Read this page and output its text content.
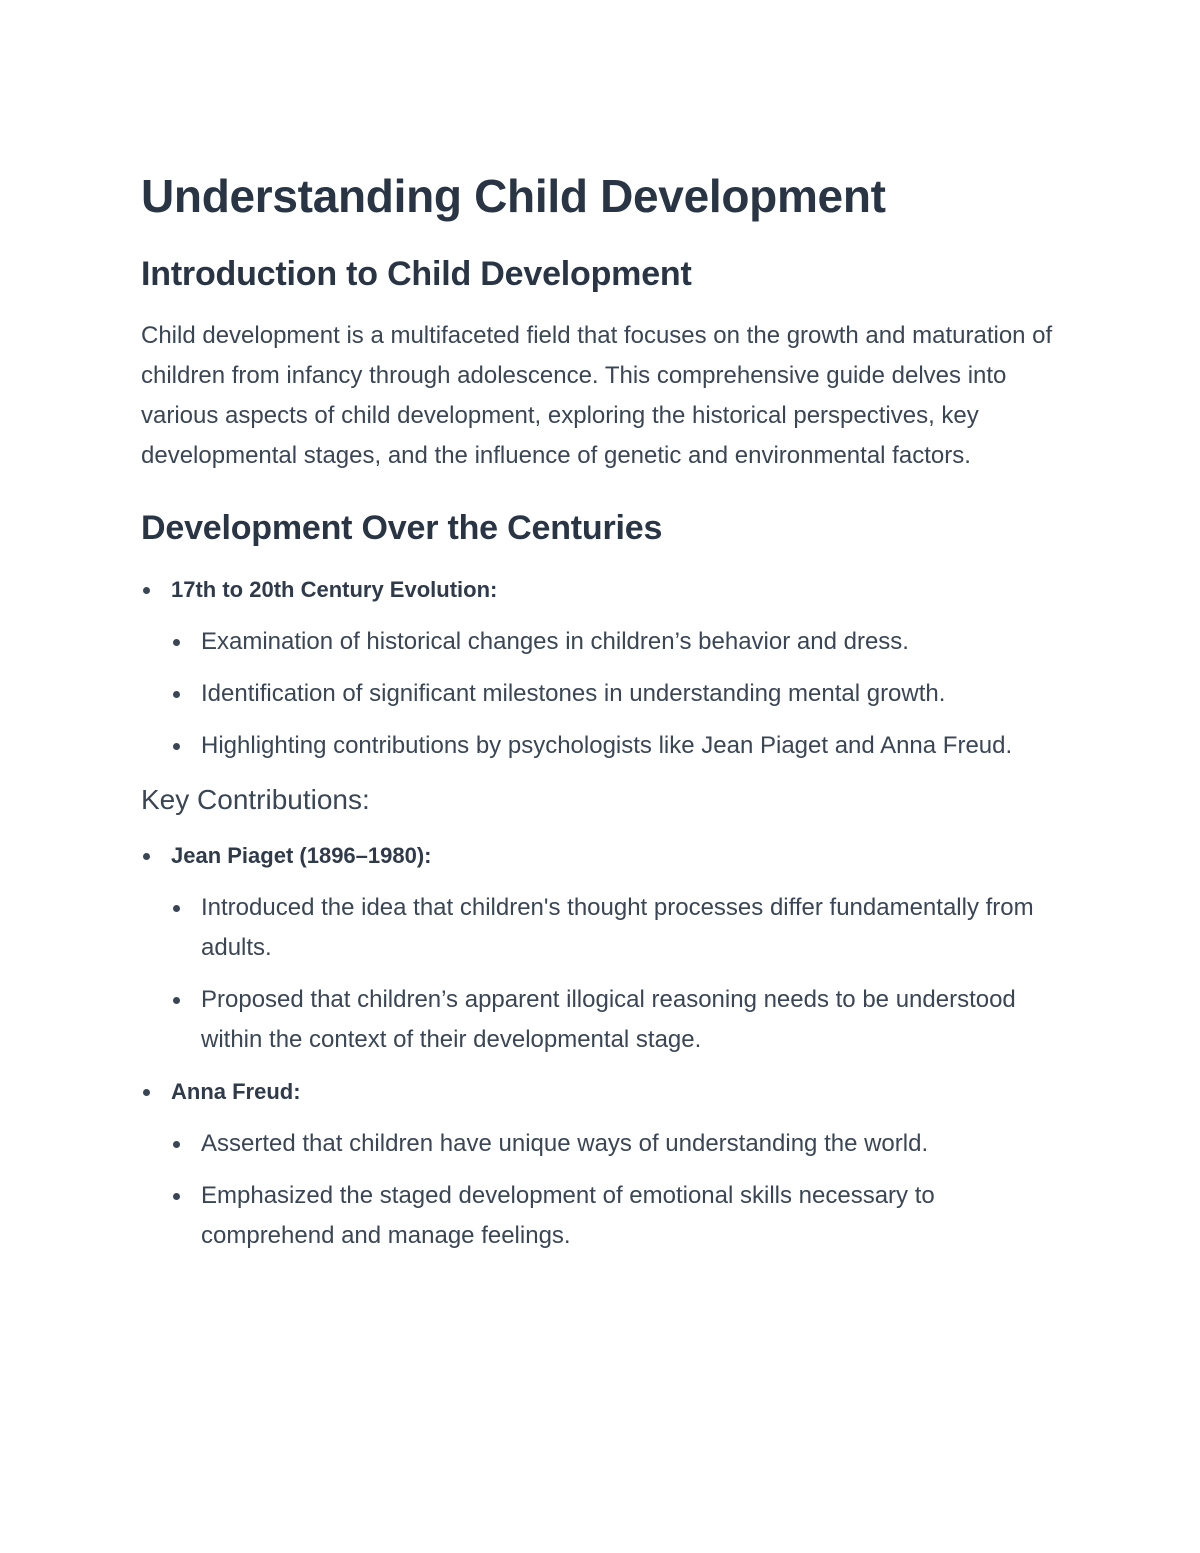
Understanding Child Development
Introduction to Child Development

Child development is a multifaceted field that focuses on the growth and maturation of children from infancy through adolescence. This comprehensive guide delves into various aspects of child development, exploring the historical perspectives, key developmental stages, and the influence of genetic and environmental factors.

Development Over the Centuries
17th to 20th Century Evolution:
Examination of historical changes in children’s behavior and dress.
Identification of significant milestones in understanding mental growth.
Highlighting contributions by psychologists like Jean Piaget and Anna Freud.
Key Contributions:
Jean Piaget (1896–1980):
Introduced the idea that children's thought processes differ fundamentally from adults.
Proposed that children’s apparent illogical reasoning needs to be understood within the context of their developmental stage.
Anna Freud:
Asserted that children have unique ways of understanding the world.
Emphasized the staged development of emotional skills necessary to comprehend and manage feelings.
